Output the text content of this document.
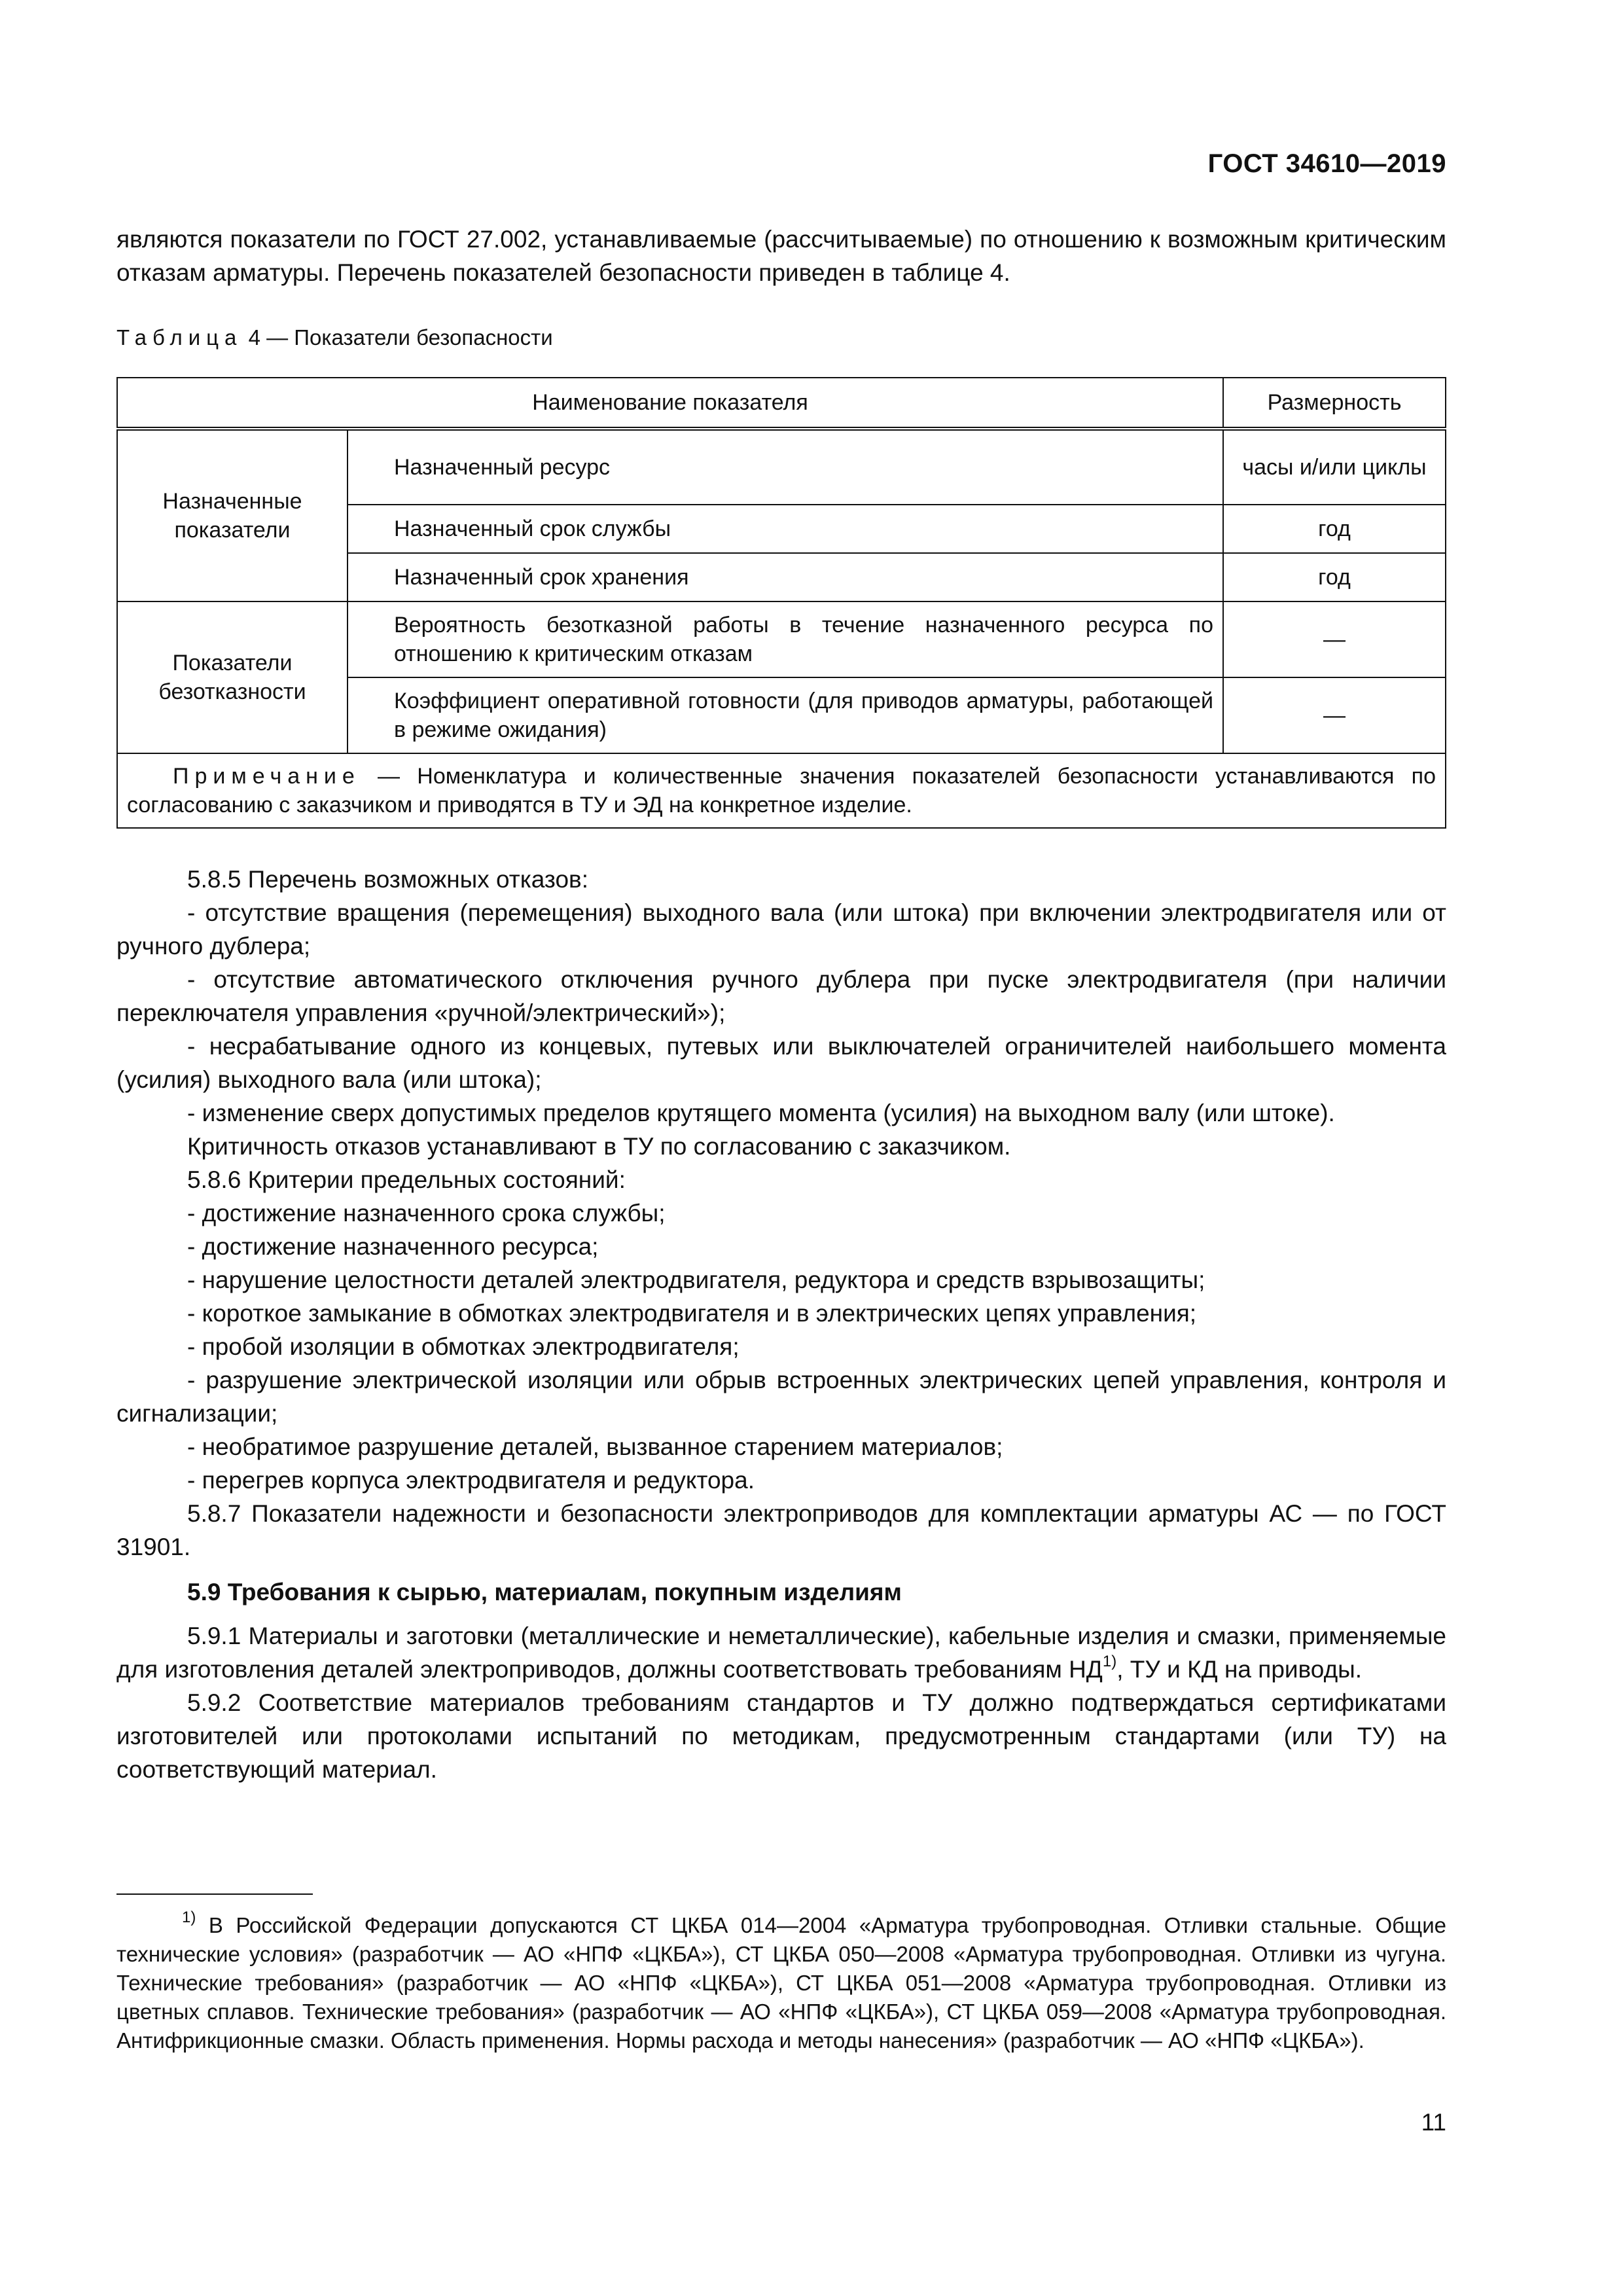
ГОСТ 34610—2019

являются показатели по ГОСТ 27.002, устанавливаемые (рассчитываемые) по отношению к возможным критическим отказам арматуры. Перечень показателей безопасности приведен в таблице 4.

Таблица 4 — Показатели безопасности
Наименование показателя		Размерность
Назначенные показатели	Назначенный ресурс	часы и/или циклы
	Назначенный срок службы	год
	Назначенный срок хранения	год
Показатели безотказности	Вероятность безотказной работы в течение назначенного ресурса по отношению к критическим отказам	—
	Коэффициент оперативной готовности (для приводов арматуры, работающей в режиме ожидания)	—
Примечание — Номенклатура и количественные значения показателей безопасности устанавливаются по согласованию с заказчиком и приводятся в ТУ и ЭД на конкретное изделие.		

5.8.5 Перечень возможных отказов:

- отсутствие вращения (перемещения) выходного вала (или штока) при включении электродвигателя или от ручного дублера;

- отсутствие автоматического отключения ручного дублера при пуске электродвигателя (при наличии переключателя управления «ручной/электрический»);

- несрабатывание одного из концевых, путевых или выключателей ограничителей наибольшего момента (усилия) выходного вала (или штока);

- изменение сверх допустимых пределов крутящего момента (усилия) на выходном валу (или штоке).

Критичность отказов устанавливают в ТУ по согласованию с заказчиком.

5.8.6 Критерии предельных состояний:

- достижение назначенного срока службы;

- достижение назначенного ресурса;

- нарушение целостности деталей электродвигателя, редуктора и средств взрывозащиты;

- короткое замыкание в обмотках электродвигателя и в электрических цепях управления;

- пробой изоляции в обмотках электродвигателя;

- разрушение электрической изоляции или обрыв встроенных электрических цепей управления, контроля и сигнализации;

- необратимое разрушение деталей, вызванное старением материалов;

- перегрев корпуса электродвигателя и редуктора.

5.8.7 Показатели надежности и безопасности электроприводов для комплектации арматуры АС — по ГОСТ 31901.

5.9 Требования к сырью, материалам, покупным изделиям

5.9.1 Материалы и заготовки (металлические и неметаллические), кабельные изделия и смазки, применяемые для изготовления деталей электроприводов, должны соответствовать требованиям НД$^{1)}$, ТУ и КД на приводы.

5.9.2 Соответствие материалов требованиям стандартов и ТУ должно подтверждаться сертификатами изготовителей или протоколами испытаний по методикам, предусмотренным стандартами (или ТУ) на соответствующий материал.

$^{1)}$ В Российской Федерации допускаются СТ ЦКБА 014—2004 «Арматура трубопроводная. Отливки стальные. Общие технические условия» (разработчик — АО «НПФ «ЦКБА»), СТ ЦКБА 050—2008 «Арматура трубопроводная. Отливки из чугуна. Технические требования» (разработчик — АО «НПФ «ЦКБА»), СТ ЦКБА 051—2008 «Арматура трубопроводная. Отливки из цветных сплавов. Технические требования» (разработчик — АО «НПФ «ЦКБА»), СТ ЦКБА 059—2008 «Арматура трубопроводная. Антифрикционные смазки. Область применения. Нормы расхода и методы нанесения» (разработчик — АО «НПФ «ЦКБА»).

11
